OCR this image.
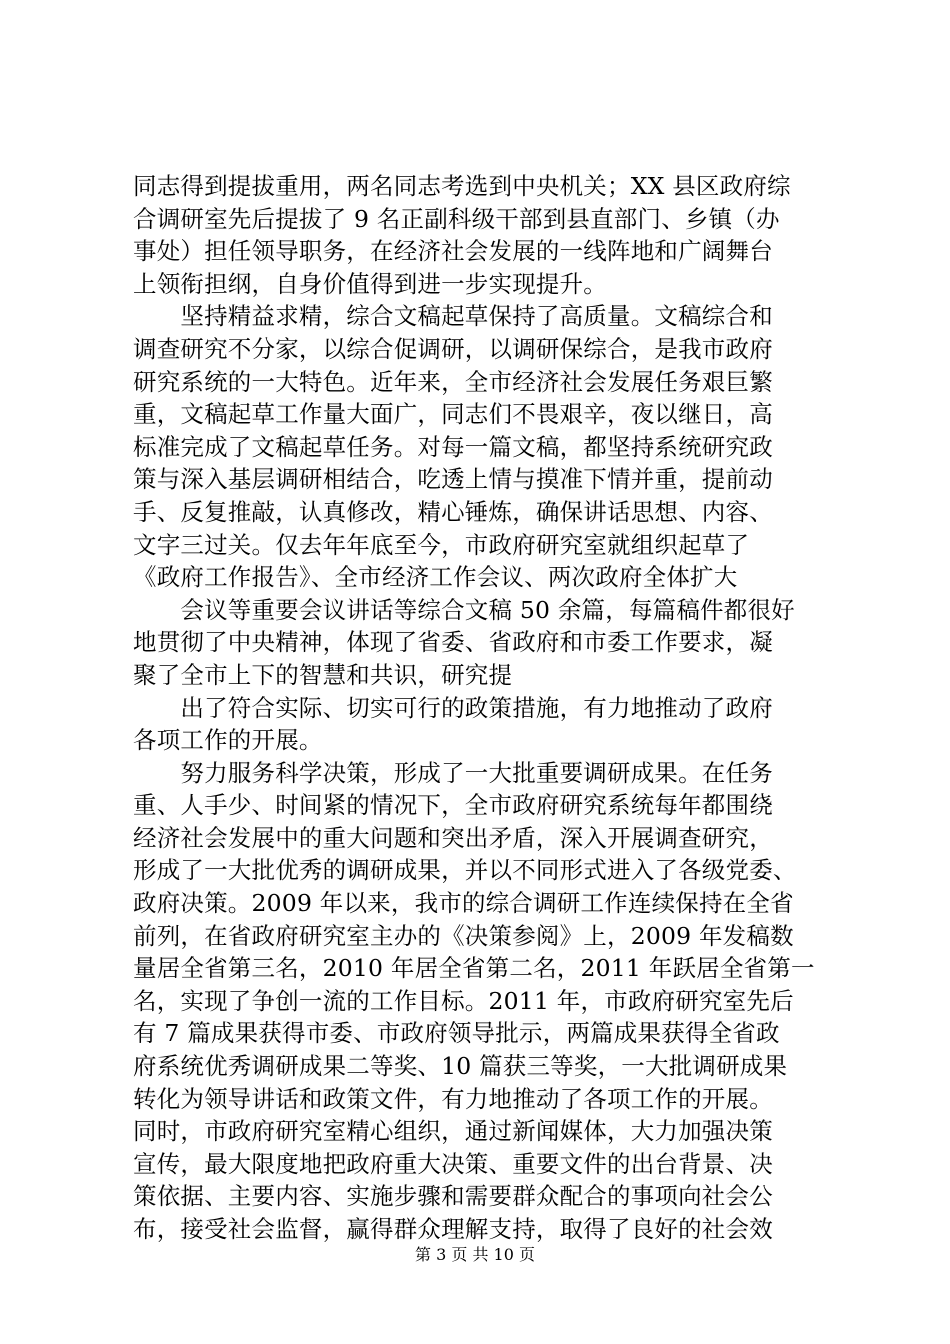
同志得到提拔重用，两名同志考选到中央机关；XX 县区政府综
合调研室先后提拔了 9 名正副科级干部到县直部门、乡镇（办
事处）担任领导职务，在经济社会发展的一线阵地和广阔舞台
上领衔担纲，自身价值得到进一步实现提升。
　　坚持精益求精，综合文稿起草保持了高质量。文稿综合和
调查研究不分家，以综合促调研，以调研保综合，是我市政府
研究系统的一大特色。近年来，全市经济社会发展任务艰巨繁
重，文稿起草工作量大面广，同志们不畏艰辛，夜以继日，高
标准完成了文稿起草任务。对每一篇文稿，都坚持系统研究政
策与深入基层调研相结合，吃透上情与摸准下情并重，提前动
手、反复推敲，认真修改，精心锤炼，确保讲话思想、内容、
文字三过关。仅去年年底至今，市政府研究室就组织起草了
《政府工作报告》、全市经济工作会议、两次政府全体扩大
　　会议等重要会议讲话等综合文稿 50 余篇，每篇稿件都很好
地贯彻了中央精神，体现了省委、省政府和市委工作要求，凝
聚了全市上下的智慧和共识，研究提
　　出了符合实际、切实可行的政策措施，有力地推动了政府
各项工作的开展。
　　努力服务科学决策，形成了一大批重要调研成果。在任务
重、人手少、时间紧的情况下，全市政府研究系统每年都围绕
经济社会发展中的重大问题和突出矛盾，深入开展调查研究，
形成了一大批优秀的调研成果，并以不同形式进入了各级党委、
政府决策。2009 年以来，我市的综合调研工作连续保持在全省
前列，在省政府研究室主办的《决策参阅》上，2009 年发稿数
量居全省第三名，2010 年居全省第二名，2011 年跃居全省第一
名，实现了争创一流的工作目标。2011 年，市政府研究室先后
有 7 篇成果获得市委、市政府领导批示，两篇成果获得全省政
府系统优秀调研成果二等奖、10 篇获三等奖，一大批调研成果
转化为领导讲话和政策文件，有力地推动了各项工作的开展。
同时，市政府研究室精心组织，通过新闻媒体，大力加强决策
宣传，最大限度地把政府重大决策、重要文件的出台背景、决
策依据、主要内容、实施步骤和需要群众配合的事项向社会公
布，接受社会监督，赢得群众理解支持，取得了良好的社会效
第 3 页 共 10 页
